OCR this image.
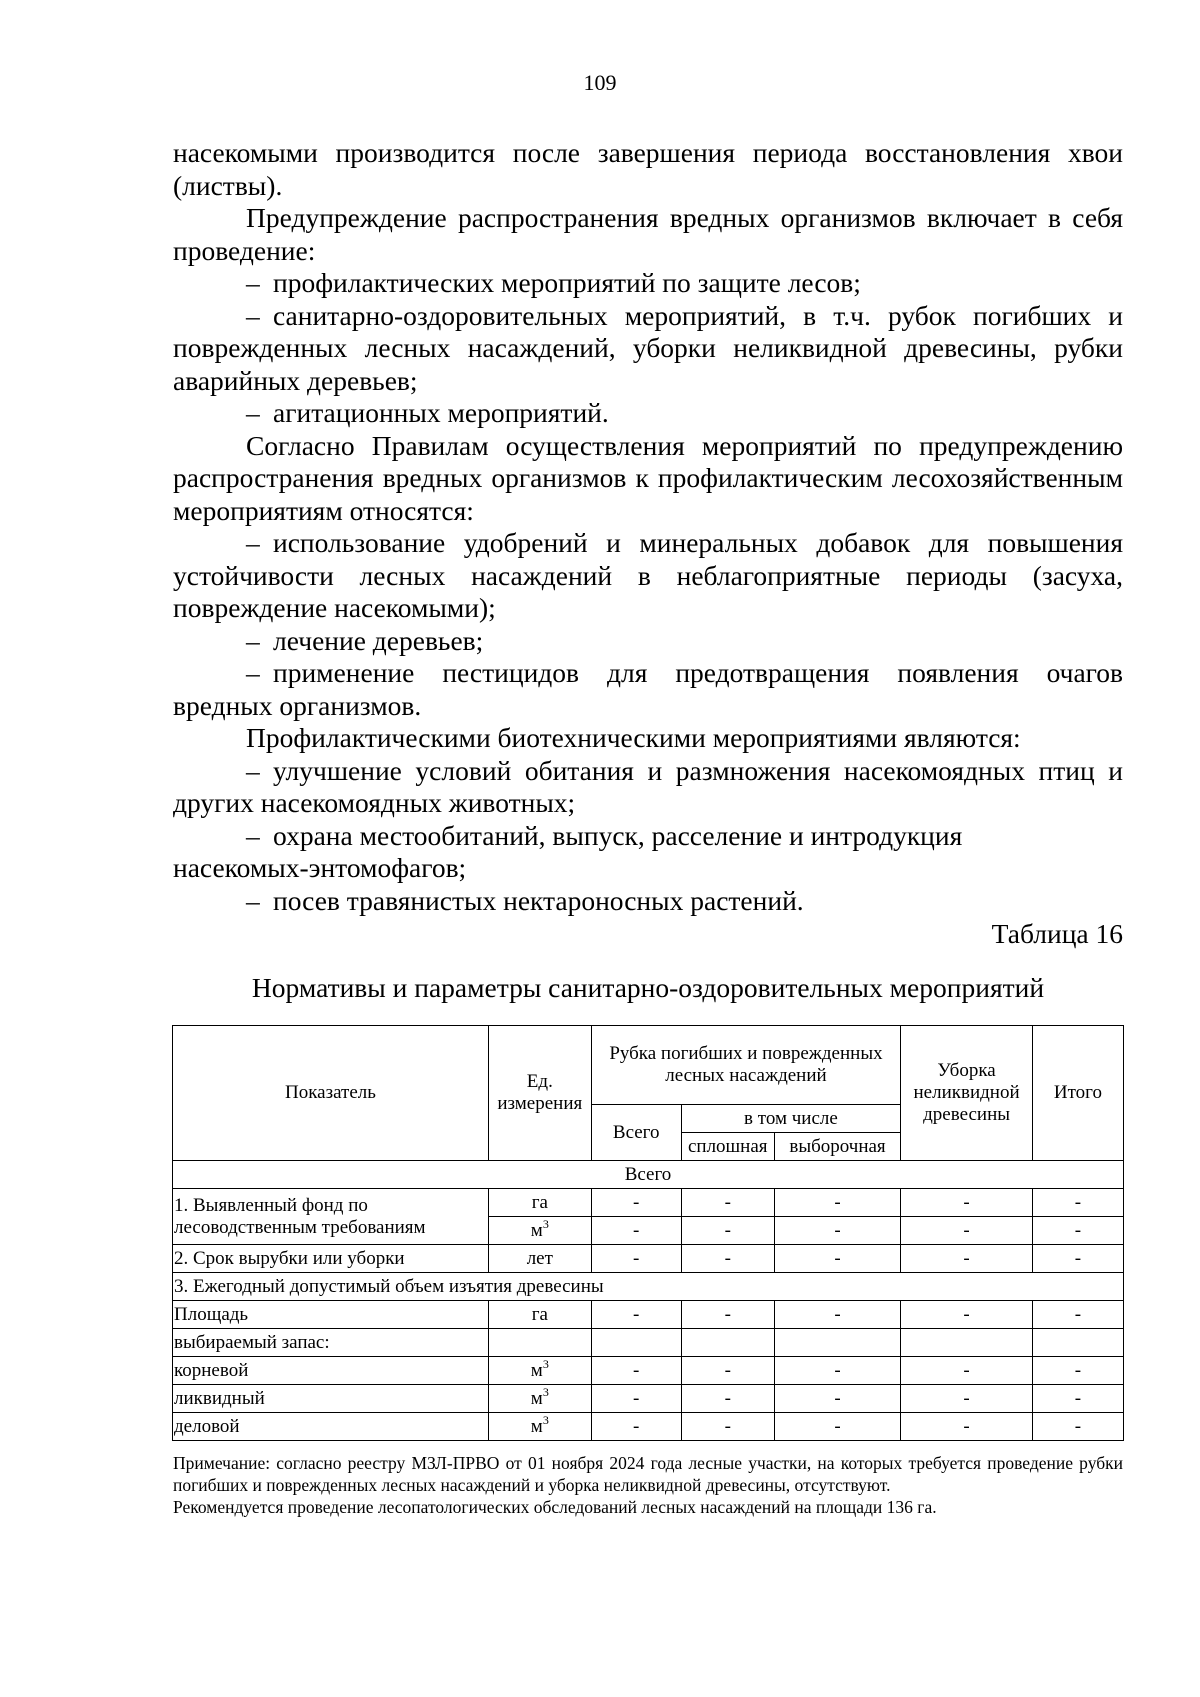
109

насекомыми производится после завершения периода восстановления хвои (листвы).

Предупреждение распространения вредных организмов включает в себя проведение:

– профилактических мероприятий по защите лесов;

– санитарно-оздоровительных мероприятий, в т.ч. рубок погибших и поврежденных лесных насаждений, уборки неликвидной древесины, рубки аварийных деревьев;

– агитационных мероприятий.

Согласно Правилам осуществления мероприятий по предупреждению распространения вредных организмов к профилактическим лесохозяйственным мероприятиям относятся:

– использование удобрений и минеральных добавок для повышения устойчивости лесных насаждений в неблагоприятные периоды (засуха, повреждение насекомыми);

– лечение деревьев;

– применение пестицидов для предотвращения появления очагов вредных организмов.

Профилактическими биотехническими мероприятиями являются:

– улучшение условий обитания и размножения насекомоядных птиц и других насекомоядных животных;

– охрана местообитаний, выпуск, расселение и интродукция

насекомых-энтомофагов;

– посев травянистых нектароносных растений.

Таблица 16
Нормативы и параметры санитарно-оздоровительных мероприятий
Показатель	Ед. измерения	Рубка погибших и поврежденных лесных насаждений			Уборка неликвидной древесины	Итого
		Всего	в том числе			
			сплошная	выборочная		
Всего						
1. Выявленный фонд по лесоводственным требованиям	га	-	-	-	-	-
	$м^3$	-	-	-	-	-
2. Срок вырубки или уборки	лет	-	-	-	-	-
3. Ежегодный допустимый объем изъятия древесины						
Площадь	га	-	-	-	-	-
выбираемый запас:						
корневой	$м^3$	-	-	-	-	-
ликвидный	$м^3$	-	-	-	-	-
деловой	$м^3$	-	-	-	-	-

Примечание: согласно реестру МЗЛ-ПРВО от 01 ноября 2024 года лесные участки, на которых требуется проведение рубки погибших и поврежденных лесных насаждений и уборка неликвидной древесины, отсутствуют.

Рекомендуется проведение лесопатологических обследований лесных насаждений на площади 136 га.
